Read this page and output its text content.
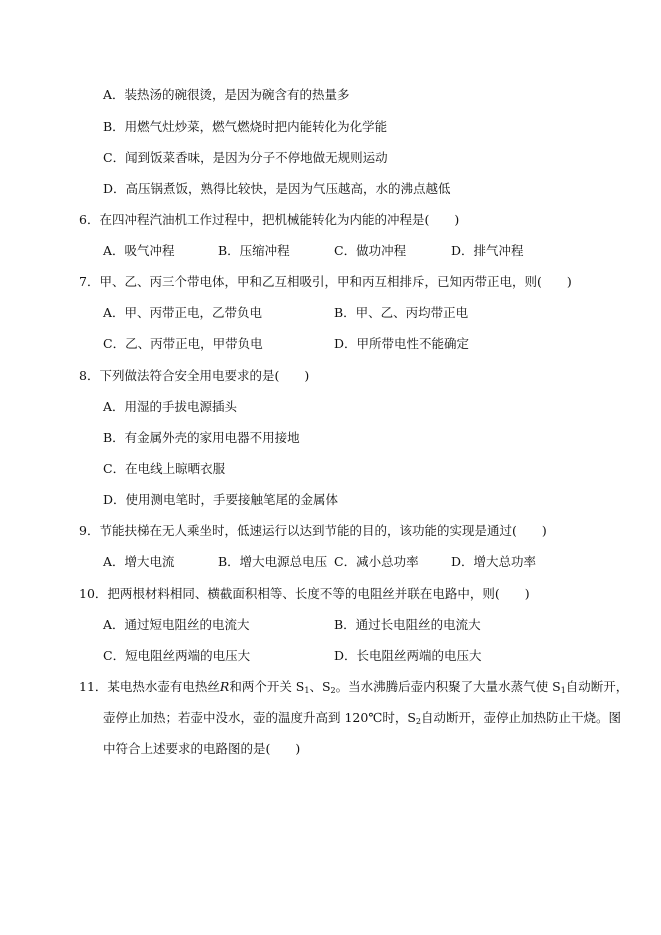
A．装热汤的碗很烫，是因为碗含有的热量多
B．用燃气灶炒菜，燃气燃烧时把内能转化为化学能
C．闻到饭菜香味，是因为分子不停地做无规则运动
D．高压锅煮饭，熟得比较快，是因为气压越高，水的沸点越低
6．在四冲程汽油机工作过程中，把机械能转化为内能的冲程是(　　)
A．吸气冲程	B．压缩冲程	C．做功冲程	D．排气冲程
7．甲、乙、丙三个带电体，甲和乙互相吸引，甲和丙互相排斥，已知丙带正电，则(　　)
A．甲、丙带正电，乙带负电	B．甲、乙、丙均带正电
C．乙、丙带正电，甲带负电	D．甲所带电性不能确定
8．下列做法符合安全用电要求的是(　　)
A．用湿的手拔电源插头
B．有金属外壳的家用电器不用接地
C．在电线上晾晒衣服
D．使用测电笔时，手要接触笔尾的金属体
9．节能扶梯在无人乘坐时，低速运行以达到节能的目的，该功能的实现是通过(　　)
A．增大电流	B．增大电源总电压 C．减小总功率	D．增大总功率
10．把两根材料相同、横截面积相等、长度不等的电阻丝并联在电路中，则(　　)
A．通过短电阻丝的电流大	B．通过长电阻丝的电流大
C．短电阻丝两端的电压大	D．长电阻丝两端的电压大
11．某电热水壶有电热丝R和两个开关 $S_1$、$S_2$。当水沸腾后壶内积聚了大量水蒸气使 $S_1$自动断开，
壶停止加热；若壶中没水，壶的温度升高到 120℃时，$S_2$自动断开，壶停止加热防止干烧。图
中符合上述要求的电路图的是(　　)
